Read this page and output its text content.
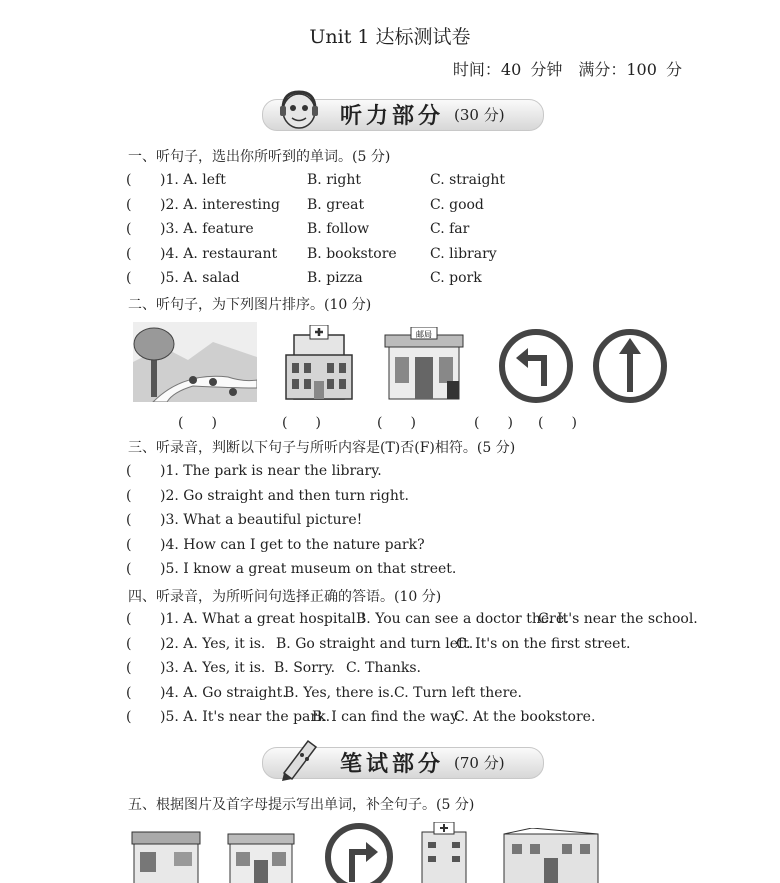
Unit 1 达标测试卷
时间：40 分钟　满分：100 分
听力部分 (30 分)
一、听句子，选出你所听到的单词。(5 分)
( )1. A. left	B. right	C. straight
( )2. A. interesting B. great	C. good
( )3. A. feature	B. follow	C. far
( )4. A. restaurant B. bookstore C. library
( )5. A. salad	B. pizza	C. pork
二、听句子，为下列图片排序。(10 分)
邮局
(　　)	(　　)	(　　)	(　　) (　　)
三、听录音，判断以下句子与所听内容是(T)否(F)相符。(5 分)
( )1. The park is near the library.
( )2. Go straight and then turn right.
( )3. What a beautiful picture!
( )4. How can I get to the nature park?
( )5. I know a great museum on that street.
四、听录音，为所听问句选择正确的答语。(10 分)
( )1. A. What a great hospital !
B. You can see a doctor there.
C. It's near the school.
( )2. A. Yes, it is. B. Go straight and turn left.
C. It's on the first street.
( )3. A. Yes, it is. B. Sorry. C. Thanks.
( )4. A. Go straight.
B. Yes, there is. C. Turn left there.
( )5. A. It's near the park.
B. I can find the way.
C. At the bookstore.
笔试部分 (70 分)
五、根据图片及首字母提示写出单词，补全句子。(5 分)
